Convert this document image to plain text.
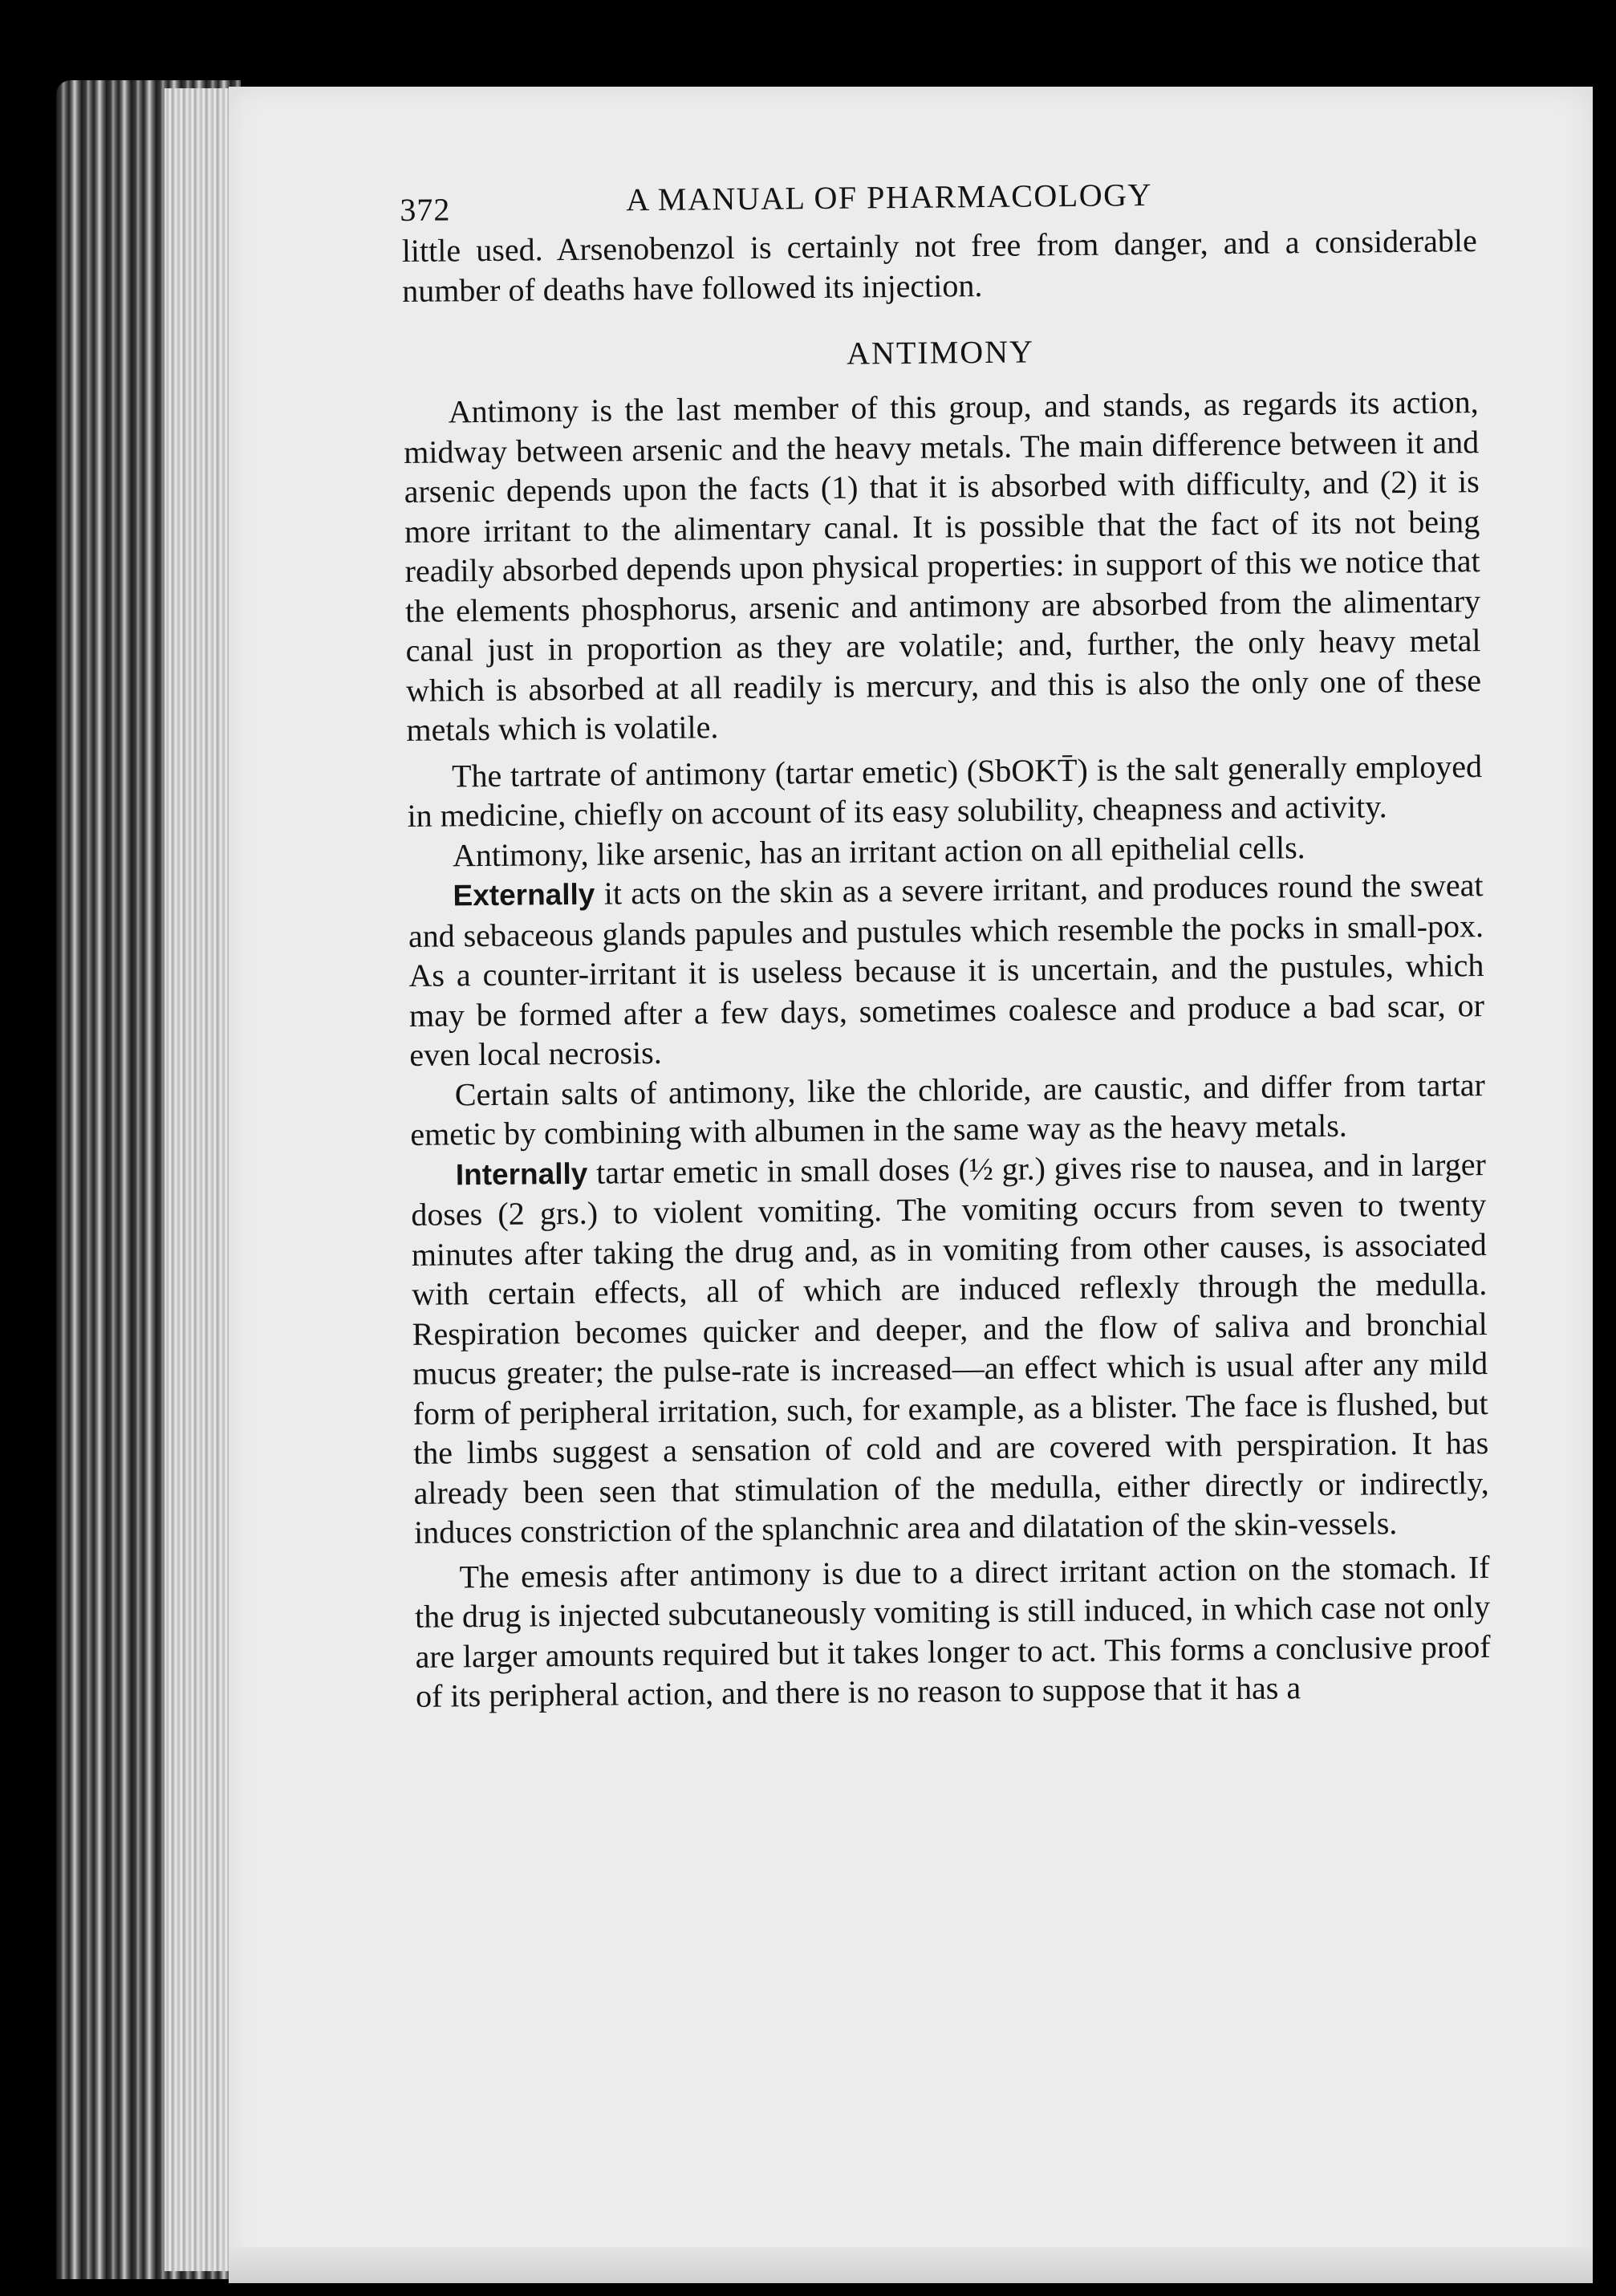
372	A MANUAL OF PHARMACOLOGY

little used. Arsenobenzol is certainly not free from danger, and a considerable number of deaths have followed its injection.

ANTIMONY

Antimony is the last member of this group, and stands, as regards its action, midway between arsenic and the heavy metals. The main difference between it and arsenic depends upon the facts (1) that it is absorbed with difficulty, and (2) it is more irritant to the alimentary canal. It is possible that the fact of its not being readily absorbed depends upon physical properties: in support of this we notice that the elements phosphorus, arsenic and antimony are absorbed from the alimentary canal just in proportion as they are volatile; and, further, the only heavy metal which is absorbed at all readily is mercury, and this is also the only one of these metals which is volatile.

The tartrate of antimony (tartar emetic) (SbOKT̄) is the salt generally employed in medicine, chiefly on account of its easy solubility, cheapness and activity.

Antimony, like arsenic, has an irritant action on all epithelial cells.

Externally it acts on the skin as a severe irritant, and produces round the sweat and sebaceous glands papules and pustules which resemble the pocks in small-pox. As a counter-irritant it is useless because it is uncertain, and the pustules, which may be formed after a few days, sometimes coalesce and produce a bad scar, or even local necrosis.

Certain salts of antimony, like the chloride, are caustic, and differ from tartar emetic by combining with albumen in the same way as the heavy metals.

Internally tartar emetic in small doses (½ gr.) gives rise to nausea, and in larger doses (2 grs.) to violent vomiting. The vomiting occurs from seven to twenty minutes after taking the drug and, as in vomiting from other causes, is associated with certain effects, all of which are induced reflexly through the medulla. Respiration becomes quicker and deeper, and the flow of saliva and bronchial mucus greater; the pulse-rate is increased—an effect which is usual after any mild form of peripheral irritation, such, for example, as a blister. The face is flushed, but the limbs suggest a sensation of cold and are covered with perspiration. It has already been seen that stimulation of the medulla, either directly or indirectly, induces constriction of the splanchnic area and dilatation of the skin-vessels.

The emesis after antimony is due to a direct irritant action on the stomach. If the drug is injected subcutaneously vomiting is still induced, in which case not only are larger amounts required but it takes longer to act. This forms a conclusive proof of its peripheral action, and there is no reason to suppose that it has a
